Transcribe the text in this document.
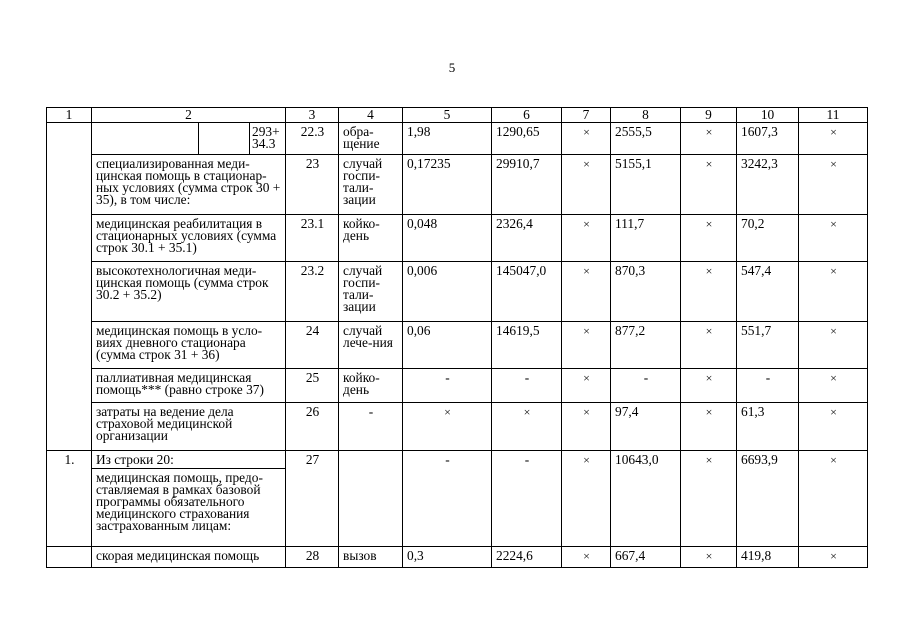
5
1	2			3	4	5	6	7	8	9	10	11
			293+ 34.3	22.3	обра-щение	1,98	1290,65	×	2555,5	×	1607,3	×
	специализированная меди-цинская помощь в стационар-ных условиях (сумма строк 30 + 35), в том числе:			23	случай госпи-тали-зации	0,17235	29910,7	×	5155,1	×	3242,3	×
	медицинская реабилитация в стационарных условиях (сумма строк 30.1 + 35.1)			23.1	койко-день	0,048	2326,4	×	111,7	×	70,2	×
	высокотехнологичная меди-цинская помощь (сумма строк 30.2 + 35.2)			23.2	случай госпи-тали-зации	0,006	145047,0	×	870,3	×	547,4	×
	медицинская помощь в усло-виях дневного стационара (сумма строк 31 + 36)			24	случай лече-ния	0,06	14619,5	×	877,2	×	551,7	×
	паллиативная медицинская помощь*** (равно строке 37)			25	койко-день	-	-	×	-	×	-	×
	затраты на ведение дела страховой медицинской организации			26	-	×	×	×	97,4	×	61,3	×
1.	Из строки 20:			27		-	-	×	10643,0	×	6693,9	×
	медицинская помощь, предо-ставляемая в рамках базовой программы обязательного медицинского страхования застрахованным лицам:											
	скорая медицинская помощь			28	вызов	0,3	2224,6	×	667,4	×	419,8	×
